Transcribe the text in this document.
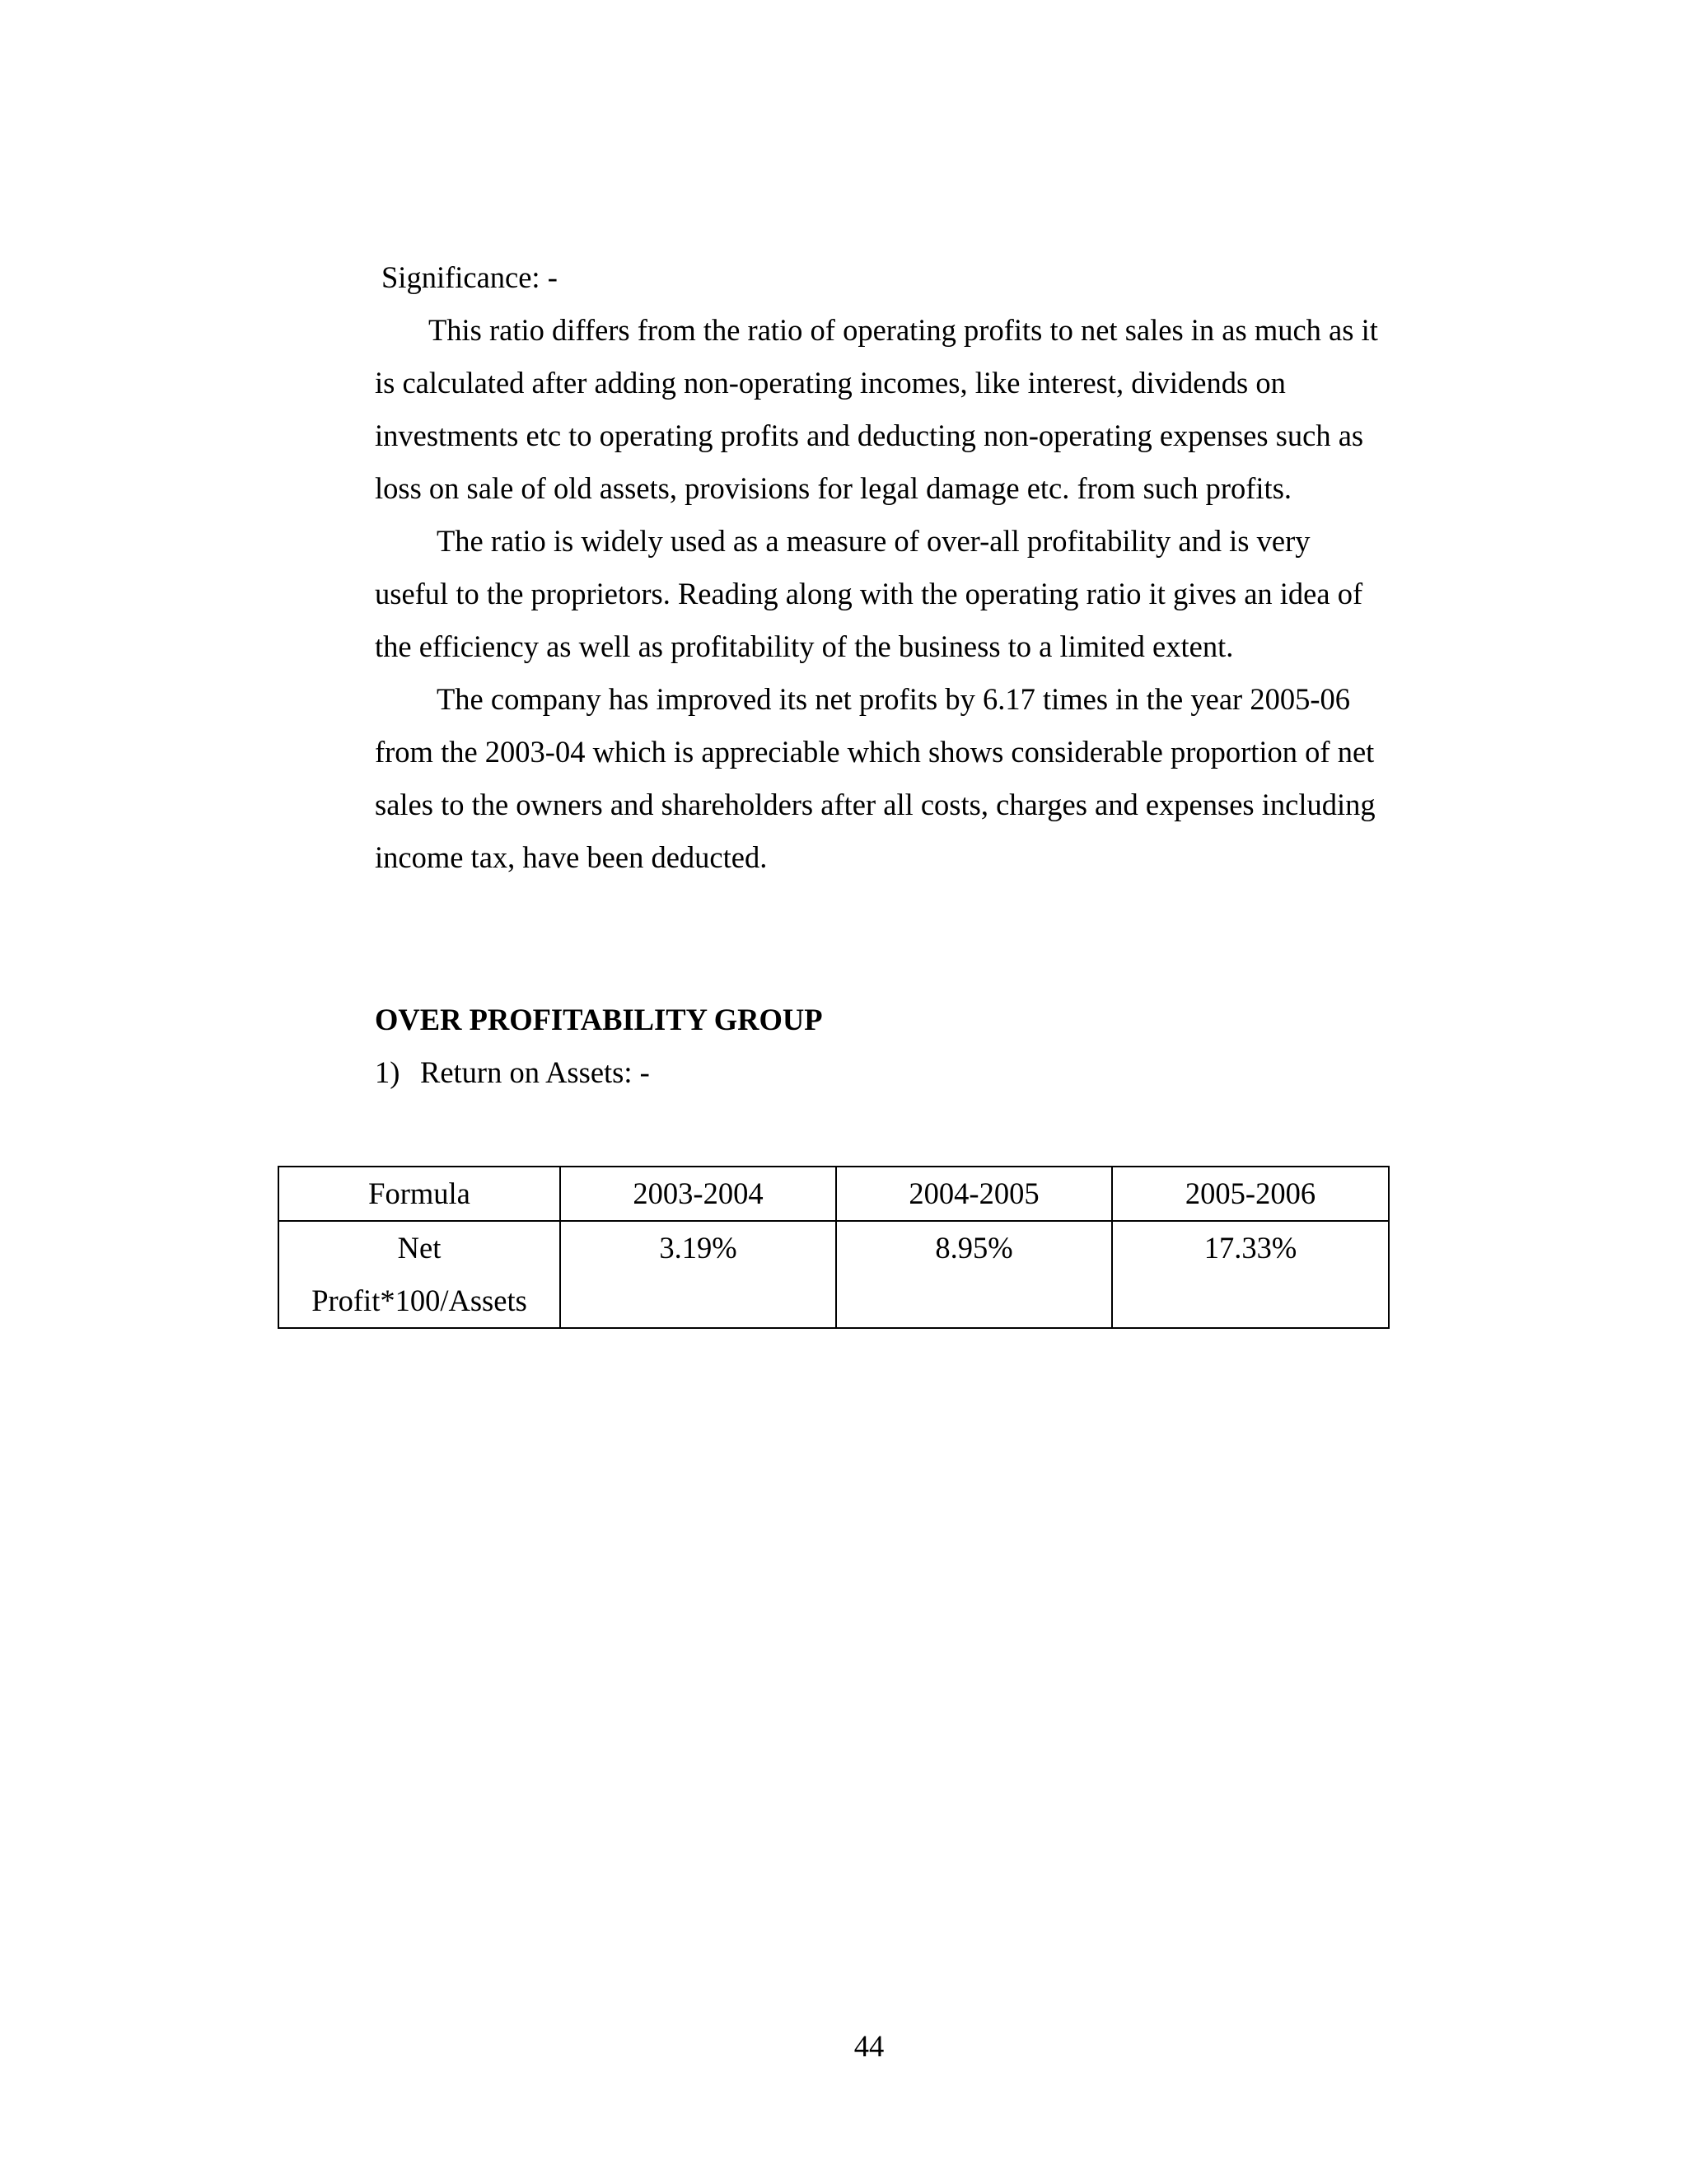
Significance: -
This ratio differs from the ratio of operating profits to net sales in as much as it
is calculated after adding non-operating incomes, like interest, dividends on
investments etc to operating profits and deducting non-operating expenses such as
loss on sale of old assets, provisions for legal damage etc. from such profits.
The ratio is widely used as a measure of over-all profitability and is very
useful to the proprietors. Reading along with the operating ratio it gives an idea of
the efficiency as well as profitability of the business to a limited extent.
The company has improved its net profits by 6.17 times in the year 2005-06
from the 2003-04 which is appreciable which shows considerable proportion of net
sales to the owners and shareholders after all costs, charges and expenses including
income tax, have been deducted.
OVER PROFITABILITY GROUP
1) Return on Assets: -
Formula	2003-2004	2004-2005	2005-2006

Net
Profit*100/Assets	3.19%	8.95%	17.33%
44
